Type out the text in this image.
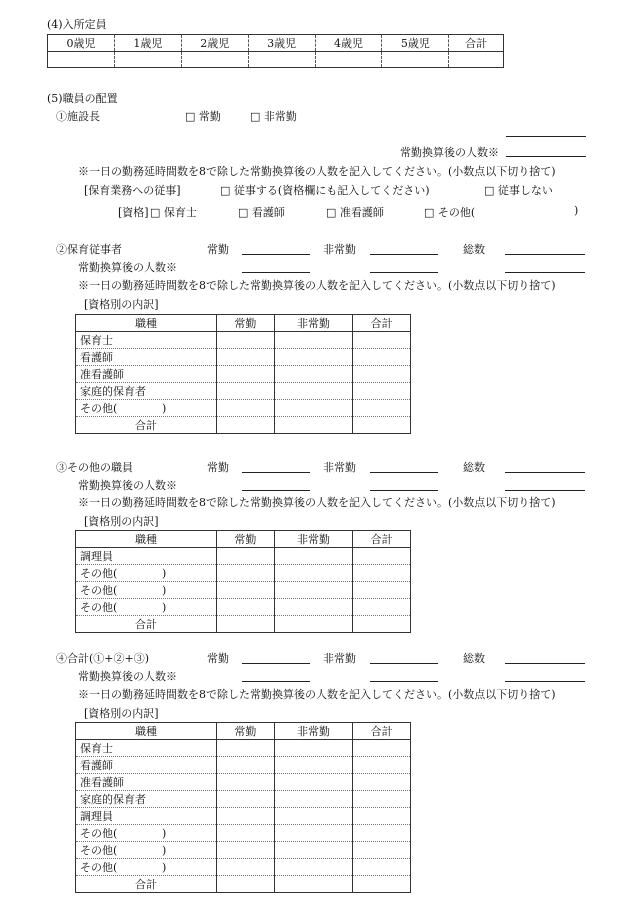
(4)入所定員
0歳児	1歳児	2歳児	3歳児	4歳児	5歳児	合計

(5)職員の配置
①施設長	□ 常勤	□ 非常勤
常勤換算後の人数※
※一日の勤務延時間数を8で除した常勤換算後の人数を記入してください。(小数点以下切り捨て)
[保育業務への従事]	□ 従事する(資格欄にも記入してください)	□ 従事しない
[資格] □ 保育士	□ 看護師	□ 准看護師	□ その他(	)
②保育従事者	常勤	非常勤	総数
常勤換算後の人数※
※一日の勤務延時間数を8で除した常勤換算後の人数を記入してください。(小数点以下切り捨て)
[資格別の内訳]
職種	常勤	非常勤	合計
保育士			
看護師			
准看護師			
家庭的保育者			
その他( )			
合計			
③その他の職員	常勤	非常勤	総数
常勤換算後の人数※
※一日の勤務延時間数を8で除した常勤換算後の人数を記入してください。(小数点以下切り捨て)
[資格別の内訳]
職種	常勤	非常勤	合計
調理員			
その他( )			
その他( )			
その他( )			
合計			
④合計(①+②+③)	常勤	非常勤	総数
常勤換算後の人数※
※一日の勤務延時間数を8で除した常勤換算後の人数を記入してください。(小数点以下切り捨て)
[資格別の内訳]
職種	常勤	非常勤	合計
保育士			
看護師			
准看護師			
家庭的保育者			
調理員			
その他( )			
その他( )			
その他( )			
合計			
